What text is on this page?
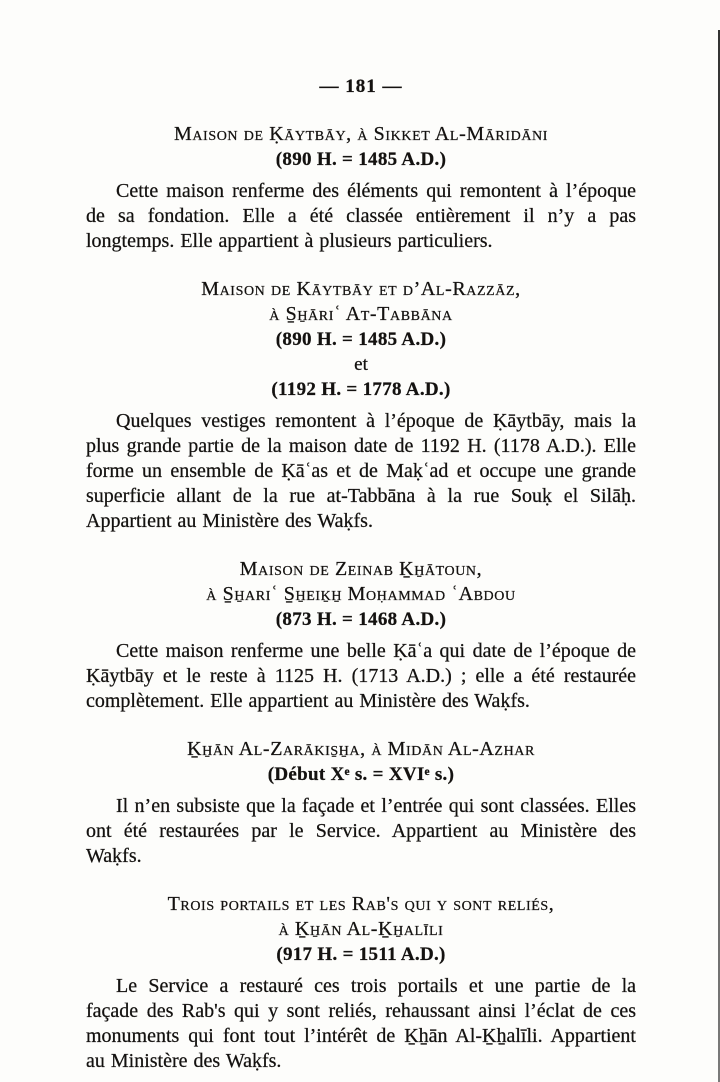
— 181 —
Maison de Ḳāytbāy, à Sikket Al-Māridāni
(890 H. = 1485 A.D.)

Cette maison renferme des éléments qui remontent à l’époque de sa fondation. Elle a été classée entièrement il n’y a pas longtemps. Elle appartient à plusieurs particuliers.

Maison de Kāytbāy et d’Al-Razzāz,
à S̱ẖāriʿ At-Tabbāna
(890 H. = 1485 A.D.)
et
(1192 H. = 1778 A.D.)

Quelques vestiges remontent à l’époque de Ḳāytbāy, mais la plus grande partie de la maison date de 1192 H. (1178 A.D.). Elle forme un ensemble de Ḳāʿas et de Maḳʿad et occupe une grande superficie allant de la rue at-Tabbāna à la rue Souḳ el Silāḥ. Appartient au Ministère des Waḳfs.

Maison de Zeinab Ḵẖātoun,
à S̱ẖariʿ S̱ẖeiḵẖ Moḥammad ʿAbdou
(873 H. = 1468 A.D.)

Cette maison renferme une belle Ḳāʿa qui date de l’époque de Ḳāytbāy et le reste à 1125 H. (1713 A.D.) ; elle a été restaurée complètement. Elle appartient au Ministère des Waḳfs.

Ḵẖān Al-Zarākis̱ẖa, à Midān Al-Azhar
(Début Xᵉ s. = XVIᵉ s.)

Il n’en subsiste que la façade et l’entrée qui sont classées. Elles ont été restaurées par le Service. Appartient au Ministère des Waḳfs.

Trois portails et les Rab's qui y sont reliés,
à Ḵẖān Al-Ḵẖalīli
(917 H. = 1511 A.D.)

Le Service a restauré ces trois portails et une partie de la façade des Rab's qui y sont reliés, rehaussant ainsi l’éclat de ces monuments qui font tout l’intérêt de Ḵẖān Al-Ḵẖalīli. Appartient au Ministère des Waḳfs.
